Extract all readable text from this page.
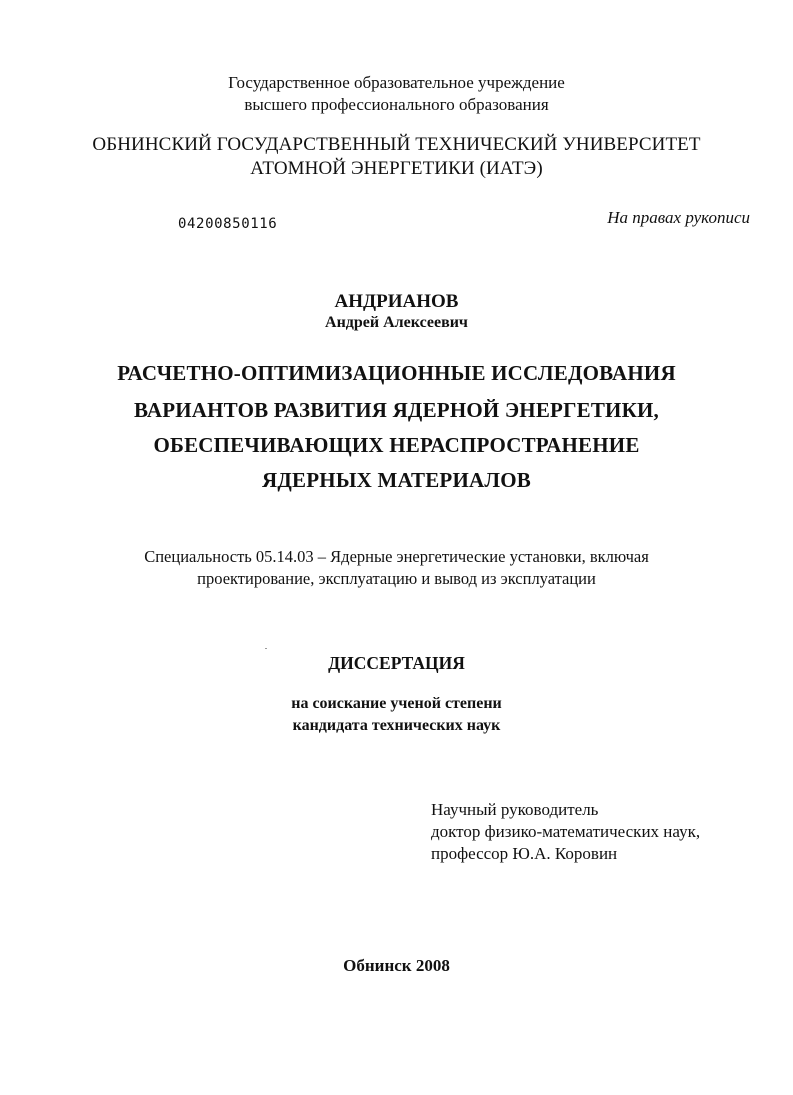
Государственное образовательное учреждение
высшего профессионального образования
ОБНИНСКИЙ ГОСУДАРСТВЕННЫЙ ТЕХНИЧЕСКИЙ УНИВЕРСИТЕТ
АТОМНОЙ ЭНЕРГЕТИКИ (ИАТЭ)
04200850116	На правах рукописи
АНДРИАНОВ
Андрей Алексеевич
РАСЧЕТНО-ОПТИМИЗАЦИОННЫЕ ИССЛЕДОВАНИЯ
ВАРИАНТОВ РАЗВИТИЯ ЯДЕРНОЙ ЭНЕРГЕТИКИ,
ОБЕСПЕЧИВАЮЩИХ НЕРАСПРОСТРАНЕНИЕ
ЯДЕРНЫХ МАТЕРИАЛОВ
Специальность 05.14.03 – Ядерные энергетические установки, включая
проектирование, эксплуатацию и вывод из эксплуатации
ДИССЕРТАЦИЯ
на соискание ученой степени
кандидата технических наук
Научный руководитель
доктор физико-математических наук,
профессор Ю.А. Коровин
Обнинск 2008
